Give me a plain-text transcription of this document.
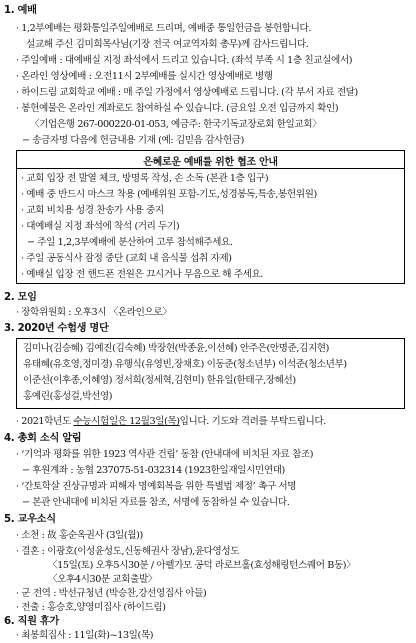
1. 예배
· 1,2부예배는 평화통일주일예배로 드리며, 예배중 통일헌금을 봉헌합니다.
설교해 주신 김미희목사님(기장 전국 여교역자회 총무)께 감사드립니다.
· 주일예배 : 대예배실 지정 좌석에서 드리고 있습니다. (좌석 부족 시 1층 친교실에서)
· 온라인 영상예배 : 오전11시 2부예배를 실시간 영상예배로 병행
· 하이드림 교회학교 예배 : 매 주일 가정에서 영상예배로 드립니다. (각 부서 자료 전달)
· 봉헌예물은 온라인 계좌로도 참여하실 수 있습니다. (금요일 오전 입금까지 확인)
〈기업은행 267-000220-01-053, 예금주: 한국기독교장로회 한일교회〉
− 송금자명 다음에 헌금내용 기재 (예: 김믿음 감사헌금)
은혜로운 예배를 위한 협조 안내
· 교회 입장 전 발열 체크, 방명록 작성, 손 소독 (본관 1층 입구)
· 예배 중 반드시 마스크 착용 (예배위원 포함-기도,성경봉독,특송,봉헌위원)
· 교회 비치용 성경 찬송가 사용 중지
· 대예배실 지정 좌석에 착석 (거리 두기)
− 주일 1,2,3부예배에 분산하여 고루 참석해주세요.
· 주일 공동식사 잠정 중단 (교회 내 음식물 섭취 자제)
· 예배실 입장 전 핸드폰 전원은 끄시거나 무음으로 해 주세요.
2. 모임
· 장학위원회 : 오후3시 〈온라인으로〉
3. 2020년 수험생 명단
김미나(김승혜) 김예진(김숙혜) 박장현(박종윤,이선혜) 안주은(안명준,김지현)
유태혜(유호영,정미경) 유행식(유영빈,장채호) 이동준(청소년부) 이석준(청소년부)
이준선(이후종,이혜영) 정서희(정세혁,김현미) 한유일(한태구,장혜선)
홍예린(홍성걸,박선영)
· 2021학년도 수능시험일은 12월3일(목)입니다. 기도와 격려를 부탁드립니다.
4. 총회 소식 알림
· ‘기억과 평화를 위한 1923 역사관 건립’ 동참 (안내대에 비치된 자료 참조)
− 후원계좌 : 농협 237075-51-032314 (1923한일재일시민연대)
· ‘간토학살 진상규명과 피해자 명예회복을 위한 특별법 제정’ 촉구 서명
− 본관 안내대에 비치된 자료를 참조, 서명에 동참하실 수 있습니다.
5. 교우소식
· 소천 : 故 홍순옥권사 (3일(월))
· 결혼 : 이광호(이성윤성도,신동해권사 장남),윤다영성도
〈15일(토) 오후5시30분 / 아펠가모 공덕 라로브홀(효성해링턴스퀘어 B동)〉
〈오후4시30분 교회출발〉
· 군 전역 : 박선규청년 (박승찬,강선영집사 아들)
· 전출 : 홍승호,양영미집사 (하이드림)
6. 직원 휴가
· 최봉희집사 : 11일(화)~13일(목)
